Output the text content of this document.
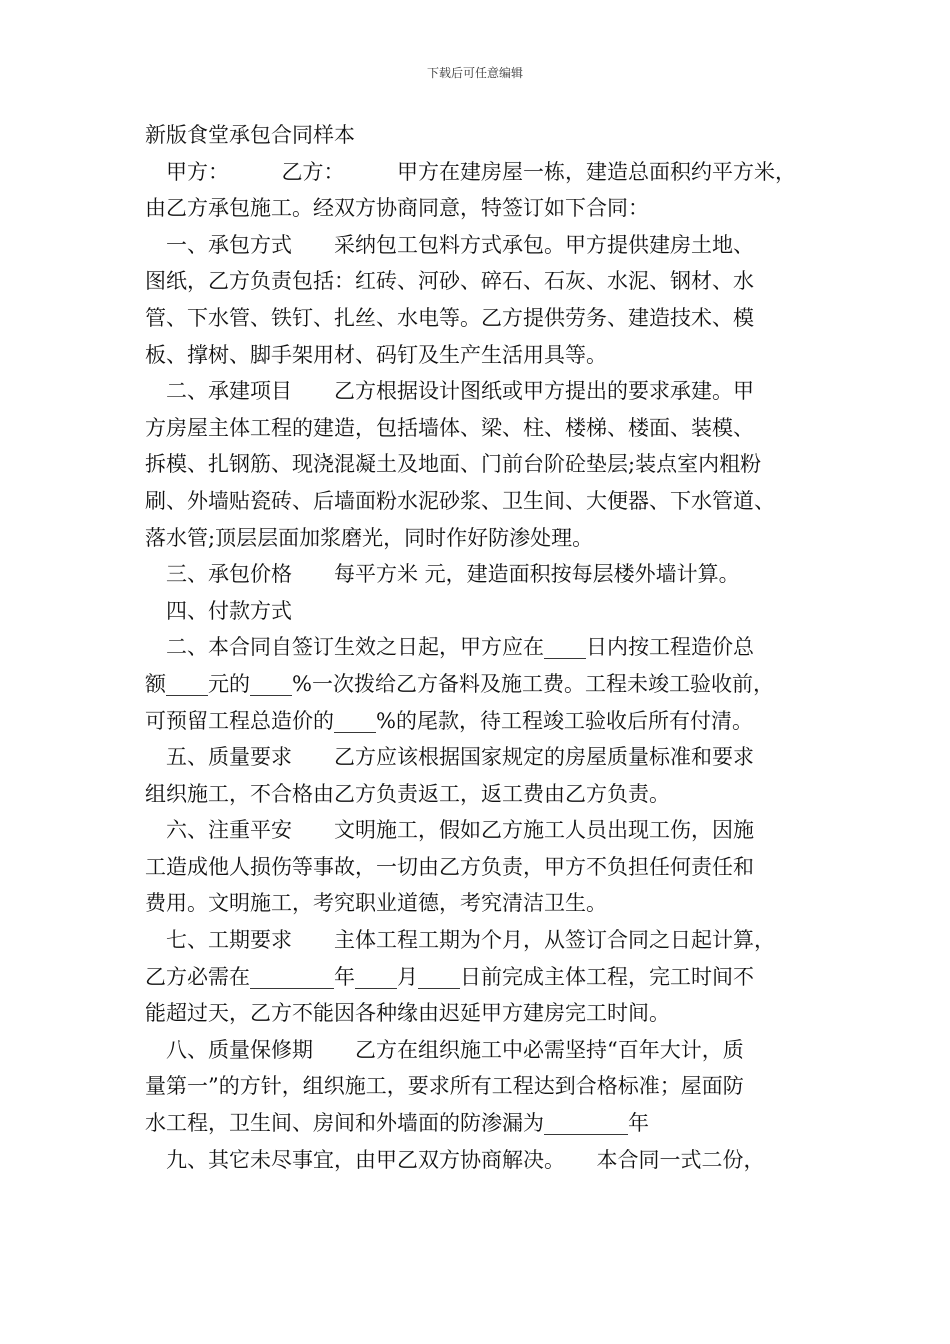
下载后可任意编辑
新版食堂承包合同样本
　甲方：　　　乙方：　　　甲方在建房屋一栋，建造总面积约平方米，
由乙方承包施工。经双方协商同意，特签订如下合同：
　一、承包方式　　采纳包工包料方式承包。甲方提供建房土地、
图纸，乙方负责包括：红砖、河砂、碎石、石灰、水泥、钢材、水
管、下水管、铁钉、扎丝、水电等。乙方提供劳务、建造技术、模
板、撑树、脚手架用材、码钉及生产生活用具等。
　二、承建项目　　乙方根据设计图纸或甲方提出的要求承建。甲
方房屋主体工程的建造，包括墙体、梁、柱、楼梯、楼面、装模、
拆模、扎钢筋、现浇混凝土及地面、门前台阶砼垫层;装点室内粗粉
刷、外墙贴瓷砖、后墙面粉水泥砂浆、卫生间、大便器、下水管道、
落水管;顶层层面加浆磨光，同时作好防渗处理。
　三、承包价格　　每平方米 元，建造面积按每层楼外墙计算。
　四、付款方式
　二、本合同自签订生效之日起，甲方应在____日内按工程造价总
额____元的____%一次拨给乙方备料及施工费。工程未竣工验收前，
可预留工程总造价的____%的尾款，待工程竣工验收后所有付清。
　五、质量要求　　乙方应该根据国家规定的房屋质量标准和要求
组织施工，不合格由乙方负责返工，返工费由乙方负责。
　六、注重平安　　文明施工，假如乙方施工人员出现工伤，因施
工造成他人损伤等事故，一切由乙方负责，甲方不负担任何责任和
费用。文明施工，考究职业道德，考究清洁卫生。
　七、工期要求　　主体工程工期为个月，从签订合同之日起计算，
乙方必需在________年____月____日前完成主体工程，完工时间不
能超过天，乙方不能因各种缘由迟延甲方建房完工时间。
　八、质量保修期　　乙方在组织施工中必需坚持“百年大计，质
量第一”的方针，组织施工，要求所有工程达到合格标准；屋面防
水工程，卫生间、房间和外墙面的防渗漏为________年
　九、其它未尽事宜，由甲乙双方协商解决。　　本合同一式二份，
